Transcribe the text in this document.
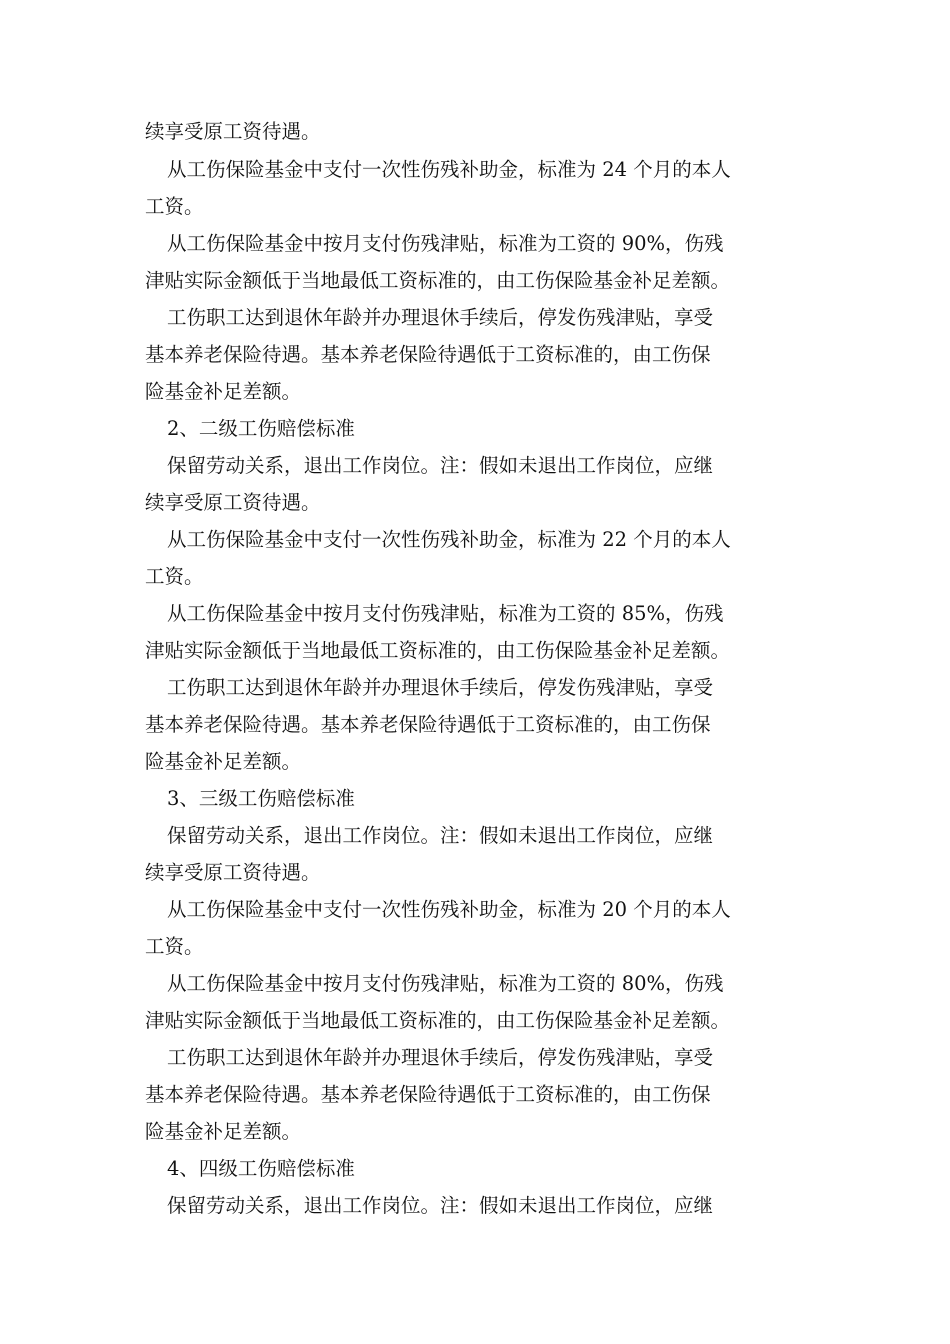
续享受原工资待遇。
从工伤保险基金中支付一次性伤残补助金，标准为 24 个月的本人
工资。
从工伤保险基金中按月支付伤残津贴，标准为工资的 90%，伤残
津贴实际金额低于当地最低工资标准的，由工伤保险基金补足差额。
工伤职工达到退休年龄并办理退休手续后，停发伤残津贴，享受
基本养老保险待遇。基本养老保险待遇低于工资标准的，由工伤保
险基金补足差额。
2、二级工伤赔偿标准
保留劳动关系，退出工作岗位。注：假如未退出工作岗位，应继
续享受原工资待遇。
从工伤保险基金中支付一次性伤残补助金，标准为 22 个月的本人
工资。
从工伤保险基金中按月支付伤残津贴，标准为工资的 85%，伤残
津贴实际金额低于当地最低工资标准的，由工伤保险基金补足差额。
工伤职工达到退休年龄并办理退休手续后，停发伤残津贴，享受
基本养老保险待遇。基本养老保险待遇低于工资标准的，由工伤保
险基金补足差额。
3、三级工伤赔偿标准
保留劳动关系，退出工作岗位。注：假如未退出工作岗位，应继
续享受原工资待遇。
从工伤保险基金中支付一次性伤残补助金，标准为 20 个月的本人
工资。
从工伤保险基金中按月支付伤残津贴，标准为工资的 80%，伤残
津贴实际金额低于当地最低工资标准的，由工伤保险基金补足差额。
工伤职工达到退休年龄并办理退休手续后，停发伤残津贴，享受
基本养老保险待遇。基本养老保险待遇低于工资标准的，由工伤保
险基金补足差额。
4、四级工伤赔偿标准
保留劳动关系，退出工作岗位。注：假如未退出工作岗位，应继
